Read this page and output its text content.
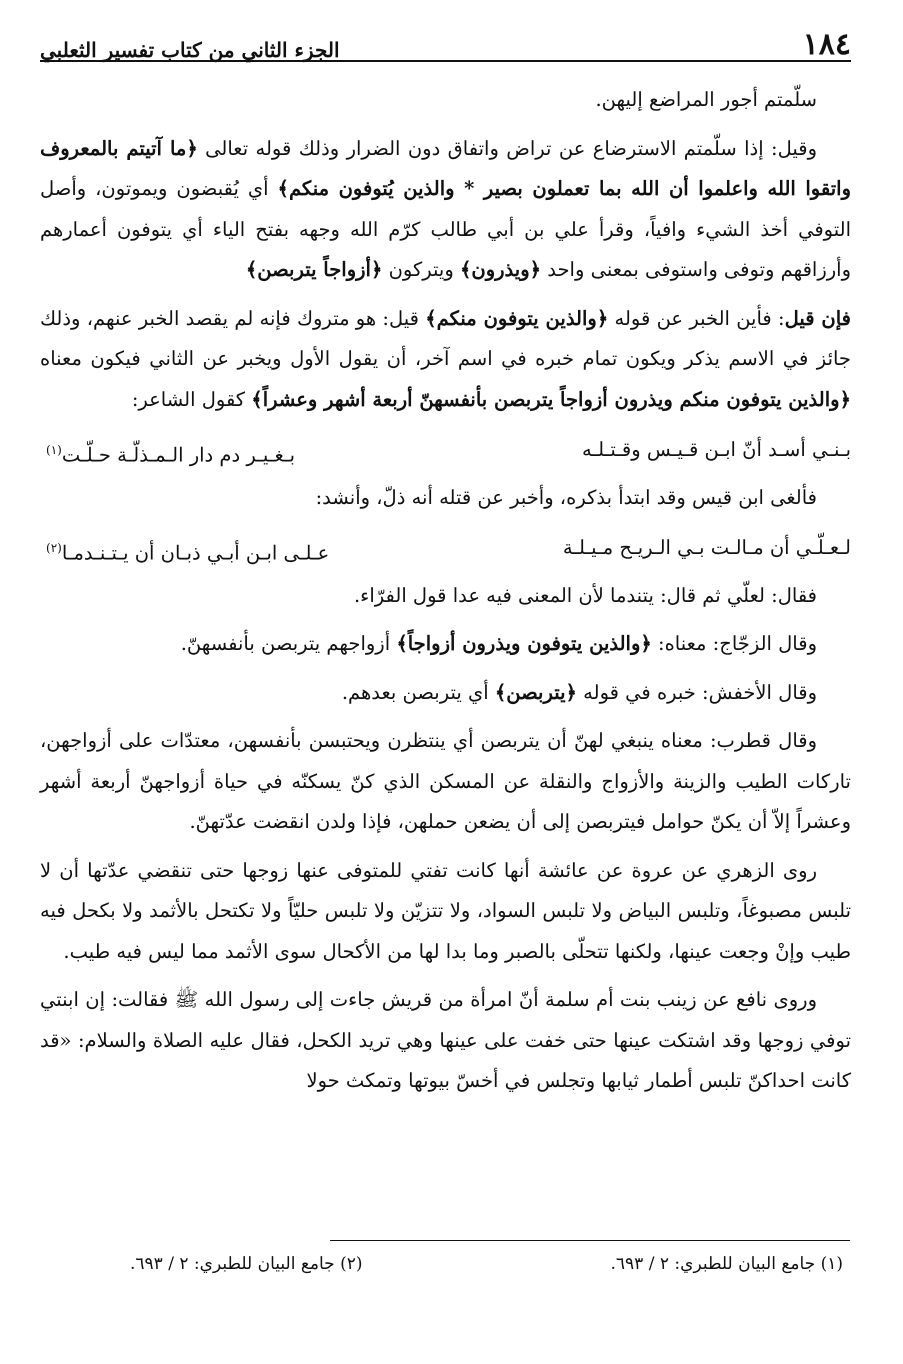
١٨٤
الجزء الثاني من كتاب تفسير الثعلبي

سلّمتم أجور المراضع إليهن.

وقيل: إذا سلّمتم الاسترضاع عن تراض واتفاق دون الضرار وذلك قوله تعالى ﴿ما آتيتم بالمعروف واتقوا الله واعلموا أن الله بما تعملون بصير * والذين يُتوفون منكم﴾ أي يُقبضون ويموتون، وأصل التوفي أخذ الشيء وافياً، وقرأ علي بن أبي طالب كرّم الله وجهه بفتح الياء أي يتوفون أعمارهم وأرزاقهم وتوفى واستوفى بمعنى واحد ﴿ويذرون﴾ ويتركون ﴿أزواجاً يتربصن﴾

فإن قيل: فأين الخبر عن قوله ﴿والذين يتوفون منكم﴾ قيل: هو متروك فإنه لم يقصد الخبر عنهم، وذلك جائز في الاسم يذكر ويكون تمام خبره في اسم آخر، أن يقول الأول ويخبر عن الثاني فيكون معناه ﴿والذين يتوفون منكم ويذرون أزواجاً يتربصن بأنفسهنّ أربعة أشهر وعشراً﴾ كقول الشاعر:

بـنـي أسـد أنّ ابـن قـيـس وقـتـلـه
بـغـيـر دم دار الـمـذلّـة حـلّـت$^{(١)}$

فألغى ابن قيس وقد ابتدأ بذكره، وأخبر عن قتله أنه ذلّ، وأنشد:

لـعـلّـي أن مـالـت بـي الـريـح مـيـلـة
عـلـى ابـن أبـي ذبـان أن يـتـنـدمـا$^{(٢)}$

فقال: لعلّي ثم قال: يتندما لأن المعنى فيه عدا قول الفرّاء.

وقال الزجّاج: معناه: ﴿والذين يتوفون ويذرون أزواجاً﴾ أزواجهم يتربصن بأنفسهنّ.

وقال الأخفش: خبره في قوله ﴿يتربصن﴾ أي يتربصن بعدهم.

وقال قطرب: معناه ينبغي لهنّ أن يتربصن أي ينتظرن ويحتبسن بأنفسهن، معتدّات على أزواجهن، تاركات الطيب والزينة والأزواج والنقلة عن المسكن الذي كنّ يسكنّه في حياة أزواجهنّ أربعة أشهر وعشراً إلاّ أن يكنّ حوامل فيتربصن إلى أن يضعن حملهن، فإذا ولدن انقضت عدّتهنّ.

روى الزهري عن عروة عن عائشة أنها كانت تفتي للمتوفى عنها زوجها حتى تنقضي عدّتها أن لا تلبس مصبوغاً، وتلبس البياض ولا تلبس السواد، ولا تتزيّن ولا تلبس حليّاً ولا تكتحل بالأثمد ولا بكحل فيه طيب وإنْ وجعت عينها، ولكنها تتحلّى بالصبر وما بدا لها من الأكحال سوى الأثمد مما ليس فيه طيب.

وروى نافع عن زينب بنت أم سلمة أنّ امرأة من قريش جاءت إلى رسول الله ﷺ فقالت: إن ابنتي توفي زوجها وقد اشتكت عينها حتى خفت على عينها وهي تريد الكحل، فقال عليه الصلاة والسلام: «قد كانت احداكنّ تلبس أطمار ثيابها وتجلس في أخسّ بيوتها وتمكث حولا

(١) جامع البيان للطبري: ٢ / ٦٩٣.
(٢) جامع البيان للطبري: ٢ / ٦٩٣.
